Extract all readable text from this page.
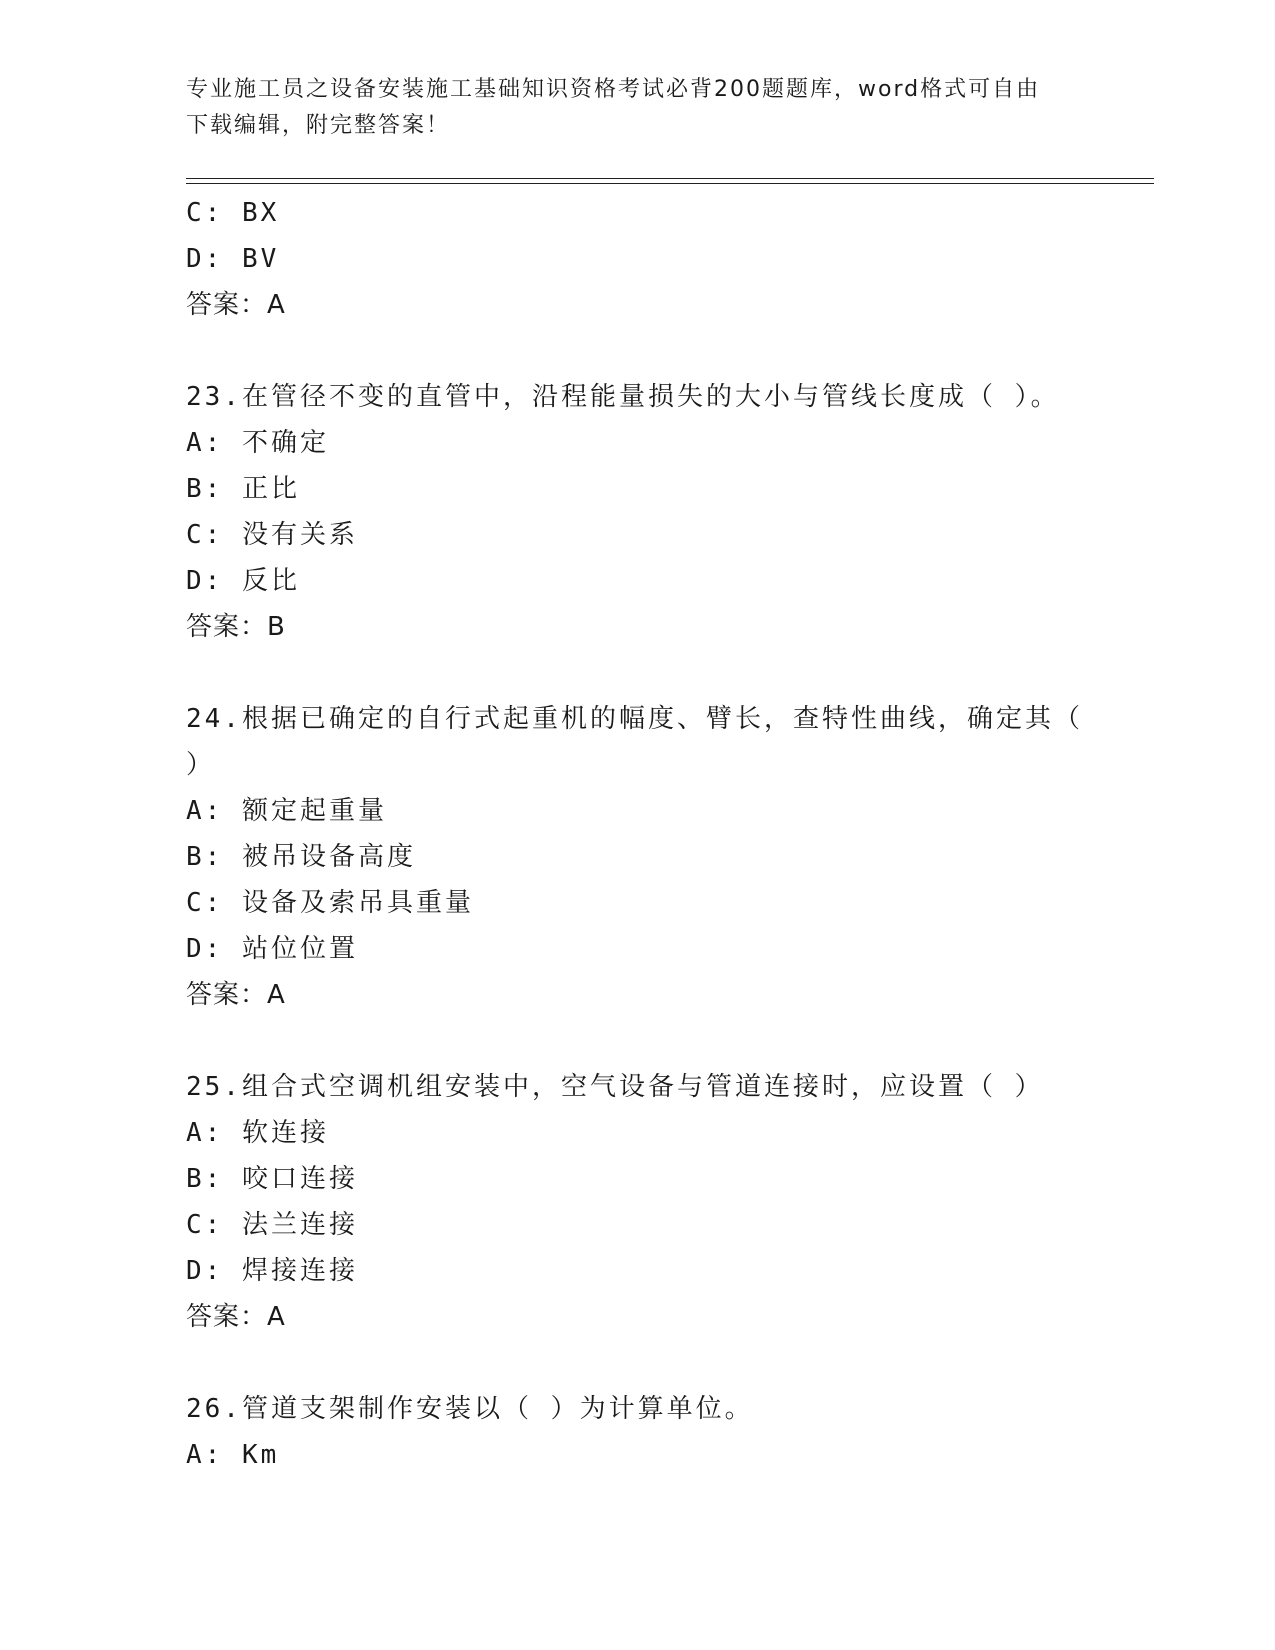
专业施工员之设备安装施工基础知识资格考试必背200题题库，word格式可自由
下载编辑，附完整答案！
C: BX
D: BV
答案：A
23.在管径不变的直管中，沿程能量损失的大小与管线长度成（ ）。
A: 不确定
B: 正比
C: 没有关系
D: 反比
答案：B
24.根据已确定的自行式起重机的幅度、臂长，查特性曲线，确定其（
）
A: 额定起重量
B: 被吊设备高度
C: 设备及索吊具重量
D: 站位位置
答案：A
25.组合式空调机组安装中，空气设备与管道连接时，应设置（ ）
A: 软连接
B: 咬口连接
C: 法兰连接
D: 焊接连接
答案：A
26.管道支架制作安装以（ ）为计算单位。
A: Km
